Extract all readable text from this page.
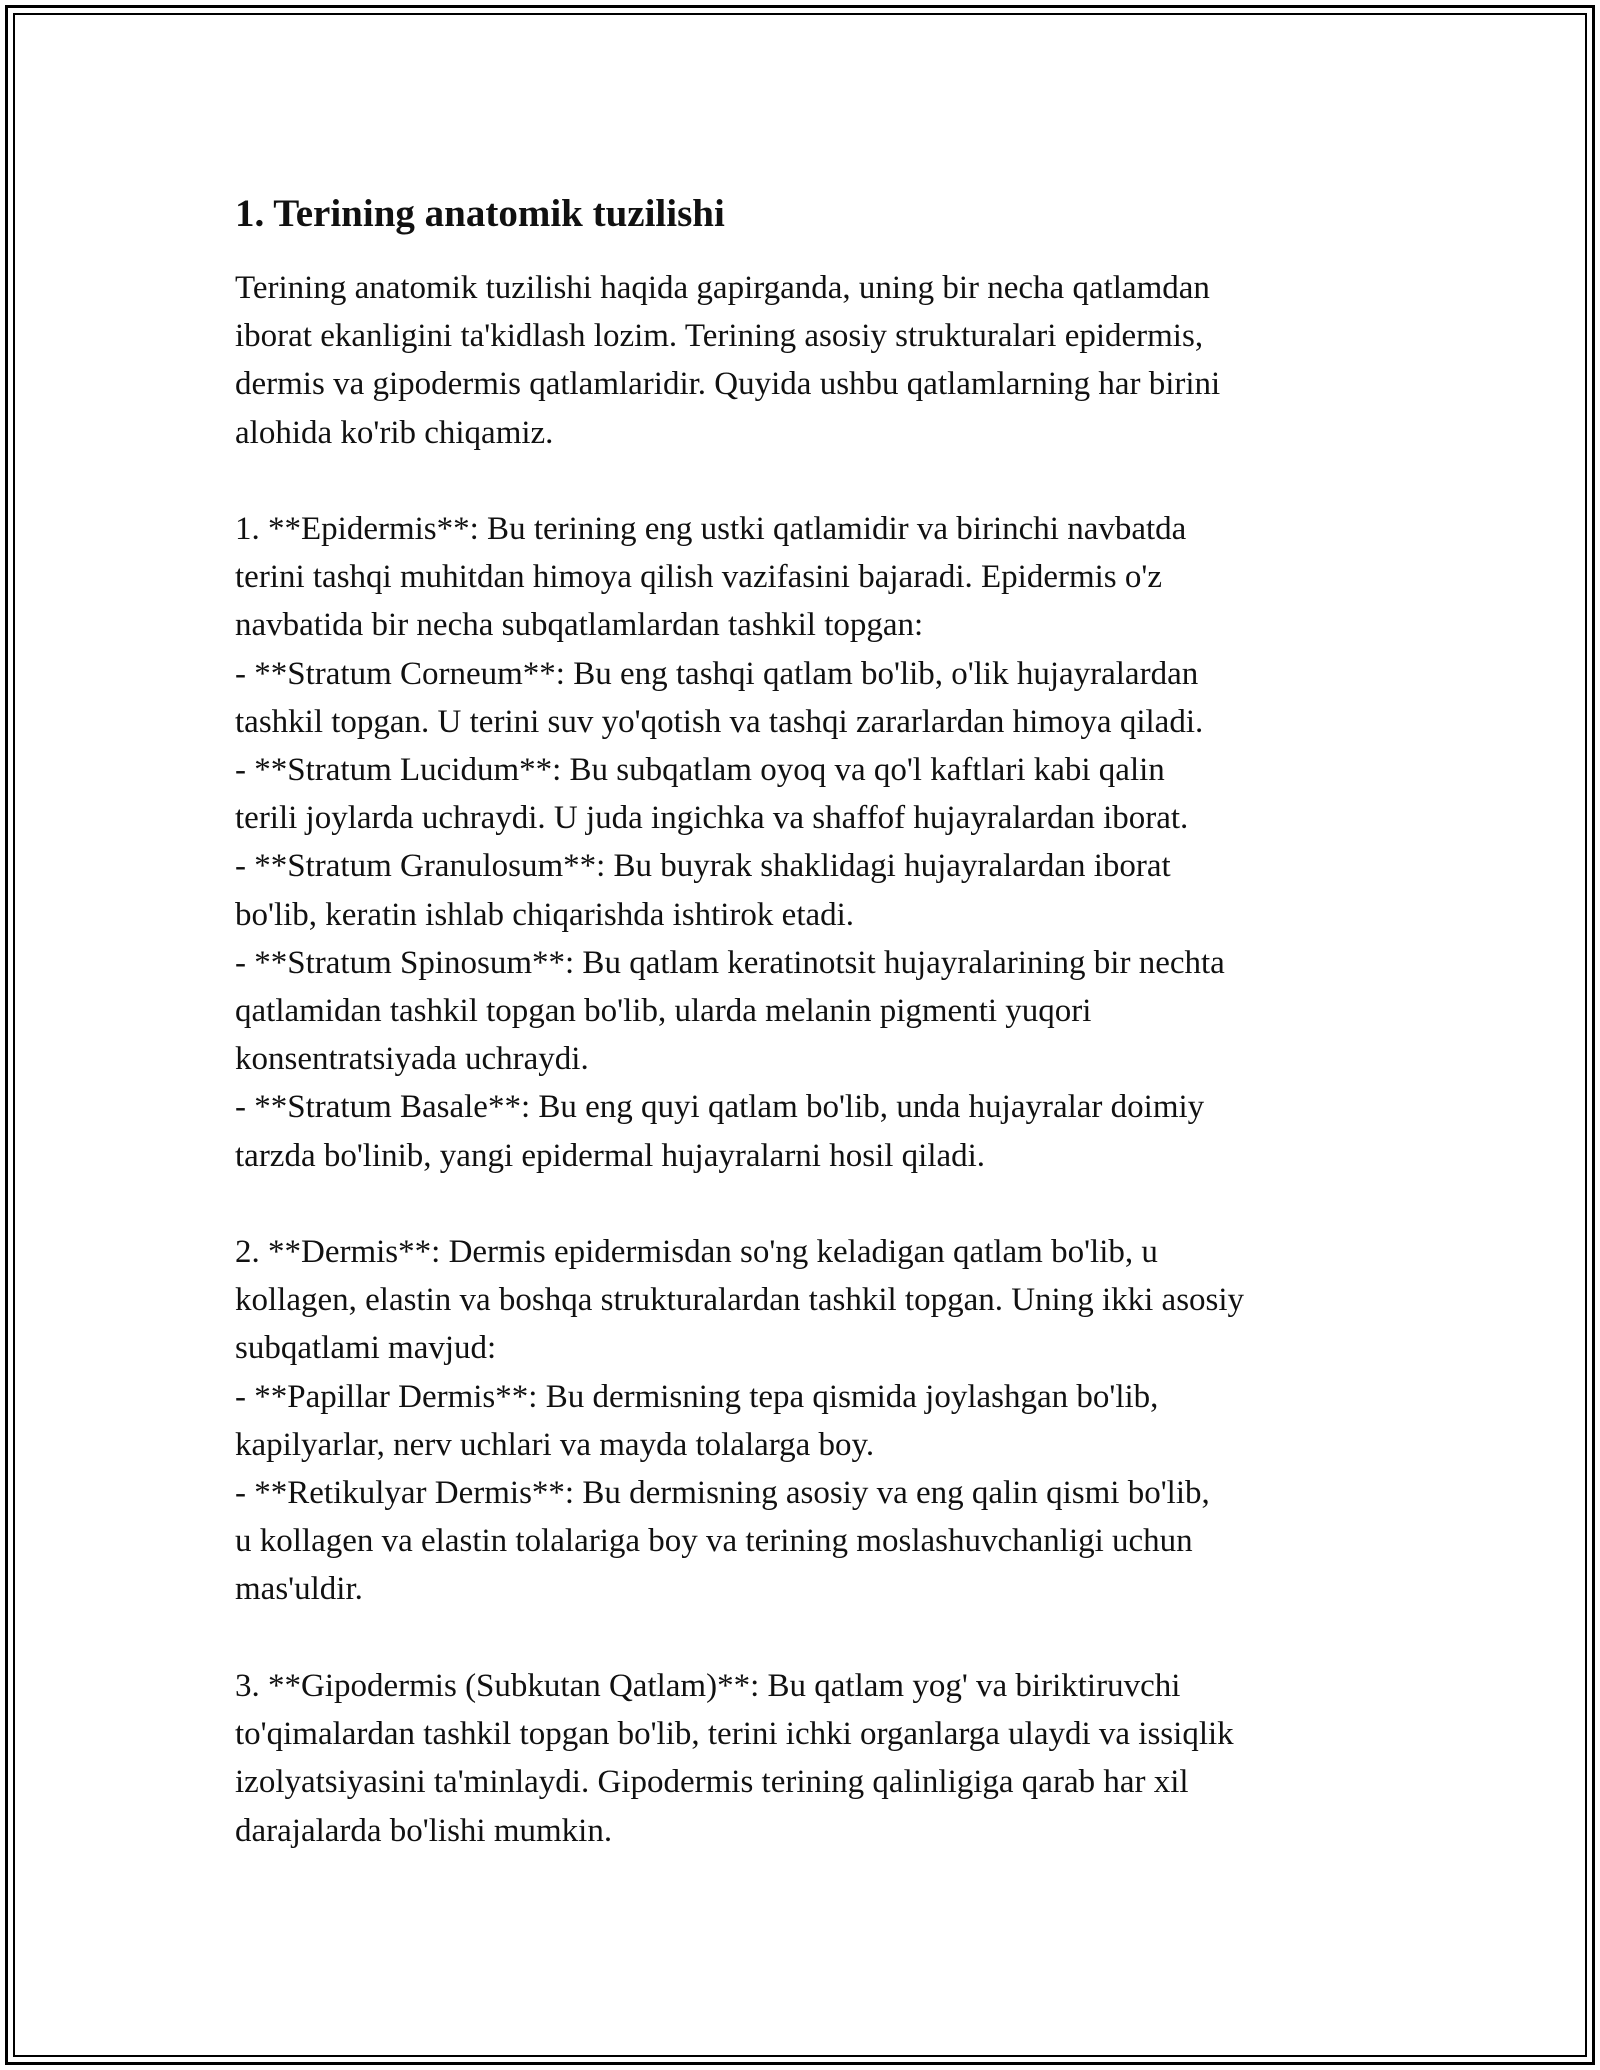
1. Terining anatomik tuzilishi

Terining anatomik tuzilishi haqida gapirganda, uning bir necha qatlamdan
iborat ekanligini ta'kidlash lozim. Terining asosiy strukturalari epidermis,
dermis va gipodermis qatlamlaridir. Quyida ushbu qatlamlarning har birini
alohida ko'rib chiqamiz.

1. **Epidermis**: Bu terining eng ustki qatlamidir va birinchi navbatda
terini tashqi muhitdan himoya qilish vazifasini bajaradi. Epidermis o'z
navbatida bir necha subqatlamlardan tashkil topgan:
- **Stratum Corneum**: Bu eng tashqi qatlam bo'lib, o'lik hujayralardan
tashkil topgan. U terini suv yo'qotish va tashqi zararlardan himoya qiladi.
- **Stratum Lucidum**: Bu subqatlam oyoq va qo'l kaftlari kabi qalin
terili joylarda uchraydi. U juda ingichka va shaffof hujayralardan iborat.
- **Stratum Granulosum**: Bu buyrak shaklidagi hujayralardan iborat
bo'lib, keratin ishlab chiqarishda ishtirok etadi.
- **Stratum Spinosum**: Bu qatlam keratinotsit hujayralarining bir nechta
qatlamidan tashkil topgan bo'lib, ularda melanin pigmenti yuqori
konsentratsiyada uchraydi.
- **Stratum Basale**: Bu eng quyi qatlam bo'lib, unda hujayralar doimiy
tarzda bo'linib, yangi epidermal hujayralarni hosil qiladi.

2. **Dermis**: Dermis epidermisdan so'ng keladigan qatlam bo'lib, u
kollagen, elastin va boshqa strukturalardan tashkil topgan. Uning ikki asosiy
subqatlami mavjud:
- **Papillar Dermis**: Bu dermisning tepa qismida joylashgan bo'lib,
kapilyarlar, nerv uchlari va mayda tolalarga boy.
- **Retikulyar Dermis**: Bu dermisning asosiy va eng qalin qismi bo'lib,
u kollagen va elastin tolalariga boy va terining moslashuvchanligi uchun
mas'uldir.

3. **Gipodermis (Subkutan Qatlam)**: Bu qatlam yog' va biriktiruvchi
to'qimalardan tashkil topgan bo'lib, terini ichki organlarga ulaydi va issiqlik
izolyatsiyasini ta'minlaydi. Gipodermis terining qalinligiga qarab har xil
darajalarda bo'lishi mumkin.
